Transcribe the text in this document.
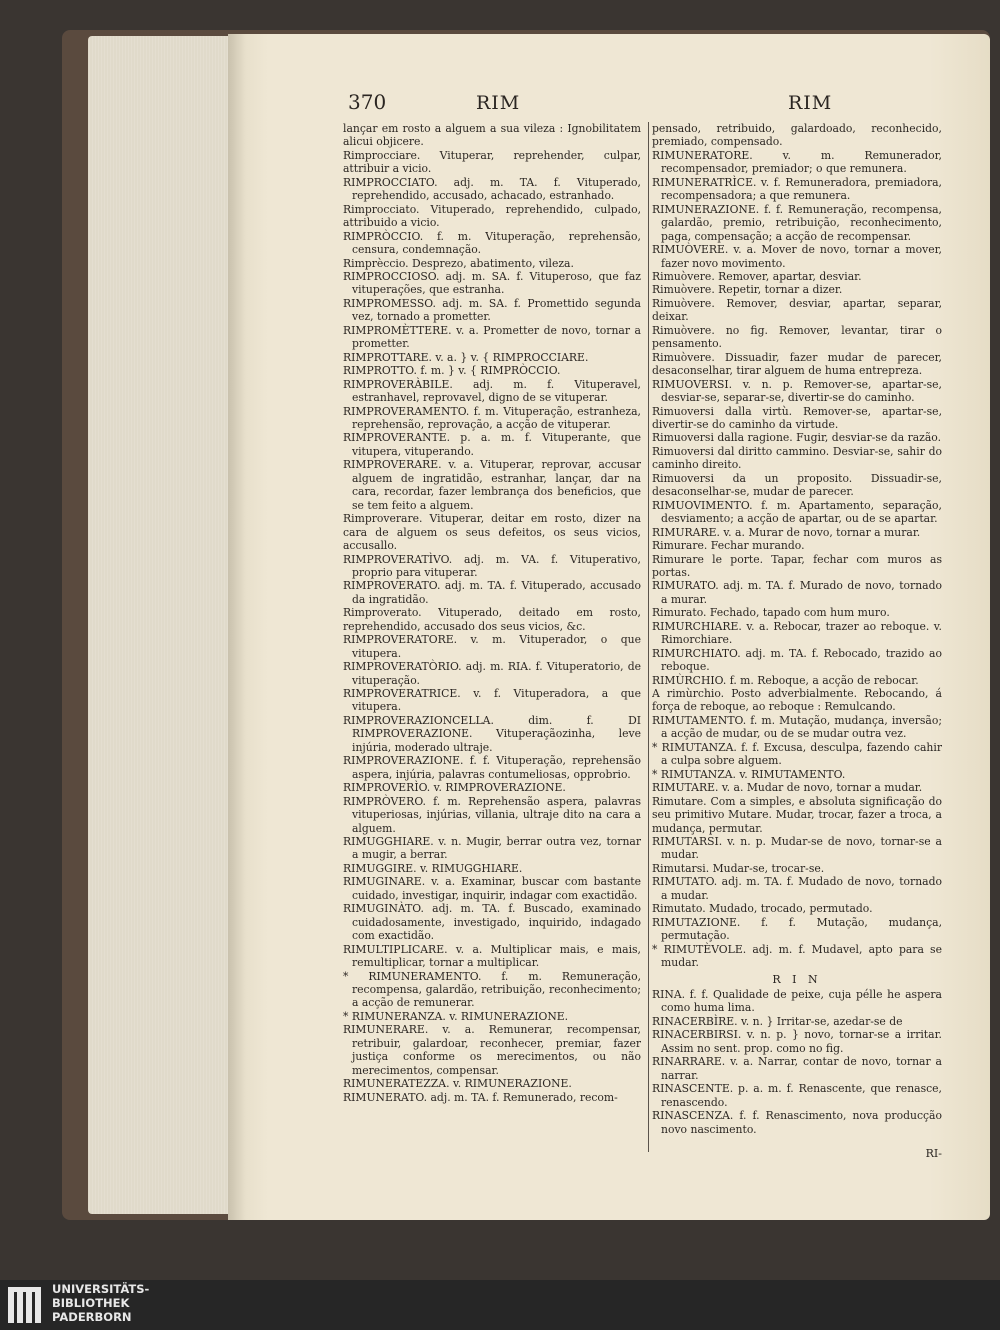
370	RIM	RIM

lançar em rosto a alguem a sua vileza : Ignobilitatem alicui objicere.

Rimprocciare. Vituperar, reprehender, culpar, attribuir a vicio.

RIMPROCCIATO. adj. m. TA. f. Vituperado, reprehendido, accusado, achacado, estranhado.

Rimprocciato. Vituperado, reprehendido, culpado, attribuido a vicio.

RIMPRÒCCIO. f. m. Vituperação, reprehensão, censura, condemnação.

Rimprèccio. Desprezo, abatimento, vileza.

RIMPROCCIOSO. adj. m. SA. f. Vituperoso, que faz vituperações, que estranha.

RIMPROMESSO. adj. m. SA. f. Promettido segunda vez, tornado a prometter.

RIMPROMÈTTERE. v. a. Prometter de novo, tornar a prometter.

RIMPROTTARE. v. a. } v. { RIMPROCCIARE.

RIMPROTTO. f. m. } v. { RIMPRÒCCIO.

RIMPROVERÀBILE. adj. m. f. Vituperavel, estranhavel, reprovavel, digno de se vituperar.

RIMPROVERAMENTO. f. m. Vituperação, estranheza, reprehensão, reprovação, a acção de vituperar.

RIMPROVERANTE. p. a. m. f. Vituperante, que vitupera, vituperando.

RIMPROVERARE. v. a. Vituperar, reprovar, accusar alguem de ingratidão, estranhar, lançar, dar na cara, recordar, fazer lembrança dos beneficios, que se tem feito a alguem.

Rimproverare. Vituperar, deitar em rosto, dizer na cara de alguem os seus defeitos, os seus vicios, accusallo.

RIMPROVERATÌVO. adj. m. VA. f. Vituperativo, proprio para vituperar.

RIMPROVERATO. adj. m. TA. f. Vituperado, accusado da ingratidão.

Rimproverato. Vituperado, deitado em rosto, reprehendido, accusado dos seus vicios, &c.

RIMPROVERATORE. v. m. Vituperador, o que vitupera.

RIMPROVERATÒRIO. adj. m. RIA. f. Vituperatorio, de vituperação.

RIMPROVERATRICE. v. f. Vituperadora, a que vitupera.

RIMPROVERAZIONCELLA. dim. f. DI RIMPROVERAZIONE. Vituperaçãozinha, leve injúria, moderado ultraje.

RIMPROVERAZIONE. f. f. Vituperação, reprehensão aspera, injúria, palavras contumeliosas, opprobrio.

RIMPROVERÌO. v. RIMPROVERAZIONE.

RIMPRÒVERO. f. m. Reprehensão aspera, palavras vituperiosas, injúrias, villania, ultraje dito na cara a alguem.

RIMUGGHIARE. v. n. Mugir, berrar outra vez, tornar a mugir, a berrar.

RIMUGGIRE. v. RIMUGGHIARE.

RIMUGINARE. v. a. Examinar, buscar com bastante cuidado, investigar, inquirir, indagar com exactidão.

RIMUGINÀTO. adj. m. TA. f. Buscado, examinado cuidadosamente, investigado, inquirido, indagado com exactidão.

RIMULTIPLICARE. v. a. Multiplicar mais, e mais, remultiplicar, tornar a multiplicar.

* RIMUNERAMENTO. f. m. Remuneração, recompensa, galardão, retribuição, reconhecimento; a acção de remunerar.

* RIMUNERANZA. v. RIMUNERAZIONE.

RIMUNERARE. v. a. Remunerar, recompensar, retribuir, galardoar, reconhecer, premiar, fazer justiça conforme os merecimentos, ou não merecimentos, compensar.

RIMUNERATEZZA. v. RIMUNERAZIONE.

RIMUNERATO. adj. m. TA. f. Remunerado, recom-

pensado, retribuido, galardoado, reconhecido, premiado, compensado.

RIMUNERATORE. v. m. Remunerador, recompensador, premiador; o que remunera.

RIMUNERATRÌCE. v. f. Remuneradora, premiadora, recompensadora; a que remunera.

RIMUNERAZIONE. f. f. Remuneração, recompensa, galardão, premio, retribuição, reconhecimento, paga, compensação; a acção de recompensar.

RIMUÒVERE. v. a. Mover de novo, tornar a mover, fazer novo movimento.

Rimuòvere. Remover, apartar, desviar.

Rimuòvere. Repetir, tornar a dizer.

Rimuòvere. Remover, desviar, apartar, separar, deixar.

Rimuòvere. no fig. Remover, levantar, tirar o pensamento.

Rimuòvere. Dissuadir, fazer mudar de parecer, desaconselhar, tirar alguem de huma entrepreza.

RIMUOVERSI. v. n. p. Remover-se, apartar-se, desviar-se, separar-se, divertir-se do caminho.

Rimuoversi dalla virtù. Remover-se, apartar-se, divertir-se do caminho da virtude.

Rimuoversi dalla ragione. Fugir, desviar-se da razão.

Rimuoversi dal diritto cammino. Desviar-se, sahir do caminho direito.

Rimuoversi da un proposito. Dissuadir-se, desaconselhar-se, mudar de parecer.

RIMUOVIMENTO. f. m. Apartamento, separação, desviamento; a acção de apartar, ou de se apartar.

RIMURARE. v. a. Murar de novo, tornar a murar.

Rimurare. Fechar murando.

Rimurare le porte. Tapar, fechar com muros as portas.

RIMURATO. adj. m. TA. f. Murado de novo, tornado a murar.

Rimurato. Fechado, tapado com hum muro.

RIMURCHIARE. v. a. Rebocar, trazer ao reboque. v. Rimorchiare.

RIMURCHIATO. adj. m. TA. f. Rebocado, trazido ao reboque.

RIMÙRCHIO. f. m. Reboque, a acção de rebocar.

A rimùrchio. Posto adverbialmente. Rebocando, á força de reboque, ao reboque : Remulcando.

RIMUTAMENTO. f. m. Mutação, mudança, inversão; a acção de mudar, ou de se mudar outra vez.

* RIMUTANZA. f. f. Excusa, desculpa, fazendo cahir a culpa sobre alguem.

* RIMUTANZA. v. RIMUTAMENTO.

RIMUTARE. v. a. Mudar de novo, tornar a mudar.

Rimutare. Com a simples, e absoluta significação do seu primitivo Mutare. Mudar, trocar, fazer a troca, a mudança, permutar.

RIMUTARSI. v. n. p. Mudar-se de novo, tornar-se a mudar.

Rimutarsi. Mudar-se, trocar-se.

RIMUTATO. adj. m. TA. f. Mudado de novo, tornado a mudar.

Rimutato. Mudado, trocado, permutado.

RIMUTAZIONE. f. f. Mutação, mudança, permutação.

* RIMUTÈVOLE. adj. m. f. Mudavel, apto para se mudar.

R I N

RINA. f. f. Qualidade de peixe, cuja pélle he aspera como huma lima.

RINACERBÌRE. v. n. } Irritar-se, azedar-se de

RINACERBIRSI. v. n. p. } novo, tornar-se a irritar. Assim no sent. prop. como no fig.

RINARRARE. v. a. Narrar, contar de novo, tornar a narrar.

RINASCENTE. p. a. m. f. Renascente, que renasce, renascendo.

RINASCENZA. f. f. Renascimento, nova producção novo nascimento.

RI-

UNIVERSITÄTS-
BIBLIOTHEK
PADERBORN
